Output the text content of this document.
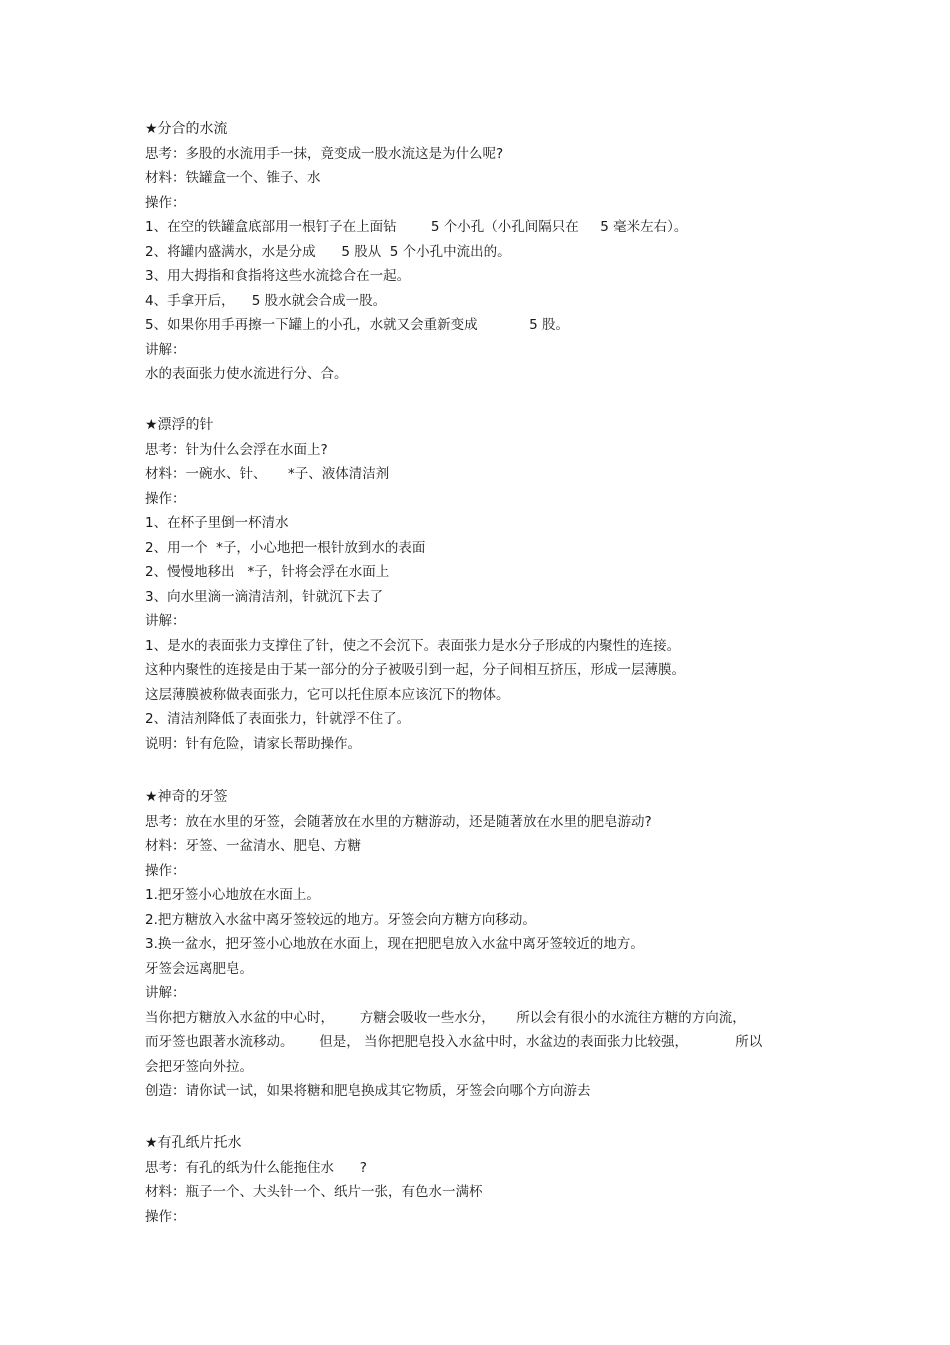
★分合的水流
思考：多股的水流用手一抹，竟变成一股水流这是为什么呢?
材料：铁罐盒一个、锥子、水
操作：
1、在空的铁罐盒底部用一根钉子在上面钻        5 个小孔（小孔间隔只在     5 毫米左右）。
2、将罐内盛满水，水是分成      5 股从  5 个小孔中流出的。
3、用大拇指和食指将这些水流捻合在一起。
4、手拿开后，    5 股水就会合成一股。
5、如果你用手再擦一下罐上的小孔，水就又会重新变成            5 股。
讲解：
水的表面张力使水流进行分、合。
★漂浮的针
思考：针为什么会浮在水面上?
材料：一碗水、针、     *子、液体清洁剂
操作：
1、在杯子里倒一杯清水
2、用一个  *子，小心地把一根针放到水的表面
2、慢慢地移出   *子，针将会浮在水面上
3、向水里滴一滴清洁剂，针就沉下去了
讲解：
1、是水的表面张力支撑住了针，使之不会沉下。表面张力是水分子形成的内聚性的连接。
这种内聚性的连接是由于某一部分的分子被吸引到一起，分子间相互挤压，形成一层薄膜。
这层薄膜被称做表面张力，它可以托住原本应该沉下的物体。
2、清洁剂降低了表面张力，针就浮不住了。
说明：针有危险，请家长帮助操作。
★神奇的牙签
思考：放在水里的牙签，会随著放在水里的方糖游动，还是随著放在水里的肥皂游动?
材料：牙签、一盆清水、肥皂、方糖
操作：
1.把牙签小心地放在水面上。
2.把方糖放入水盆中离牙签较远的地方。牙签会向方糖方向移动。
3.换一盆水，把牙签小心地放在水面上，现在把肥皂放入水盆中离牙签较近的地方。
牙签会远离肥皂。
讲解：
当你把方糖放入水盆的中心时，      方糖会吸收一些水分，     所以会有很小的水流往方糖的方向流，
而牙签也跟著水流移动。      但是， 当你把肥皂投入水盆中时，水盆边的表面张力比较强，           所以
会把牙签向外拉。
创造：请你试一试，如果将糖和肥皂换成其它物质，牙签会向哪个方向游去
★有孔纸片托水
思考：有孔的纸为什么能拖住水      ?
材料：瓶子一个、大头针一个、纸片一张，有色水一满杯
操作：
